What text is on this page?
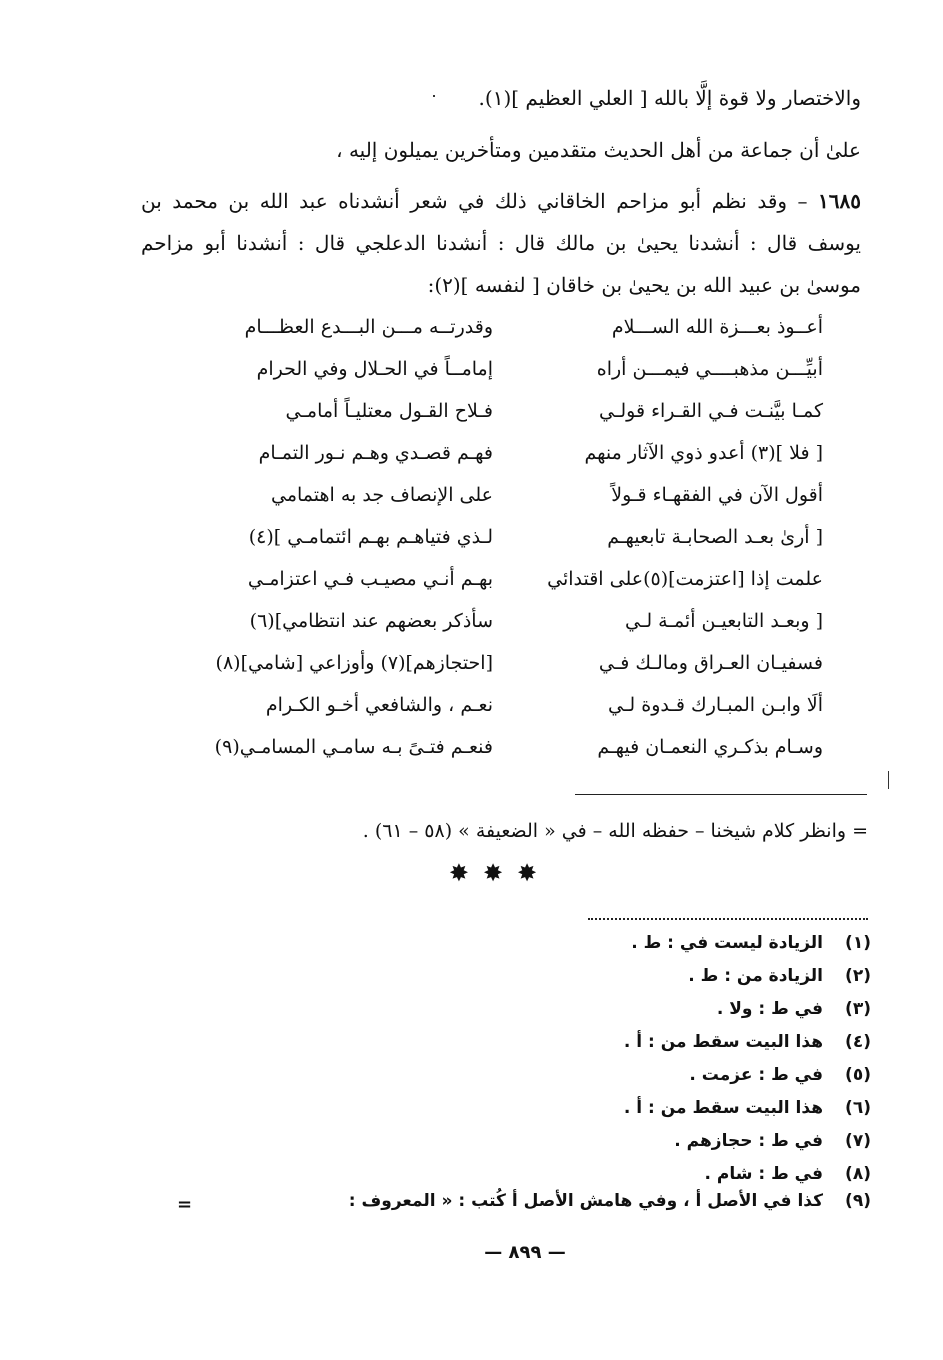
والاختصار ولا قوة إلَّا بالله [ العلي العظيم ](١).
علىٰ أن جماعة من أهل الحديث متقدمين ومتأخرين يميلون إليه ،
١٦٨٥ – وقد نظم أبو مزاحم الخاقاني ذلك في شعر أنشدناه عبد الله بن محمد بن
يوسف قال : أنشدنا يحيىٰ بن مالك قال : أنشدنا الدعلجي قال : أنشدنا أبو مزاحم
موسىٰ بن عبيد الله بن يحيىٰ بن خاقان [ لنفسه ](٢):
أعــوذ بعـــزة الله الســـلام
وقدرتــه مـــن البـــدع العظـــام
أبيِّـــن مذهبــــي فيمـــن أراه
إمامــاً في الحـلال وفي الحرام
كمـا بيَّنـت فـي القـراء قولـي
فـلاح القـول معتليـاً أمامـي
[ فلا ](٣) أعدو ذوي الآثار منهم
فهـم قصـدي وهـم نـور التمـام
أقول الآن في الفقهـاء قـولاً
على الإنصاف جد به اهتمامي
[ أرىٰ بعـد الصحابـة تابعيهـم
لـذي فتياهـم بهـم ائتمامـي ](٤)
علمت إذا [اعتزمت](٥)على اقتدائي
بهـم أنـي مصيـب فـي اعتزامـي
[ وبعـد التابعيـن أئمـة لـي
سأذكر بعضهم عند انتظامي](٦)
فسفيـان العـراق ومالـك فـي
[احتجازهم](٧) وأوزاعي [شامي](٨)
ألَا وابـن المبـارك قـدوة لـي
نعـم ، والشافعي أخـو الكـرام
وسـام بذكـري النعمـان فيهـم
فنعـم فتـىً بـه سامـي المسامـي(٩)
= وانظر كلام شيخنا – حفظه الله – في « الضعيفة » (٥٨ – ٦١) .
✸✸✸
(١)الزيادة ليست في : ط .
(٢)الزيادة من : ط .
(٣)في ط : ولا .
(٤)هذا البيت سقط من : أ .
(٥)في ط : عزمت .
(٦)هذا البيت سقط من : أ .
(٧)في ط : حجازهم .
(٨)في ط : شام .
(٩)كذا في الأصل أ ، وفي هامش الأصل أ كُتب : « المعروف :
=
— ٨٩٩ —
